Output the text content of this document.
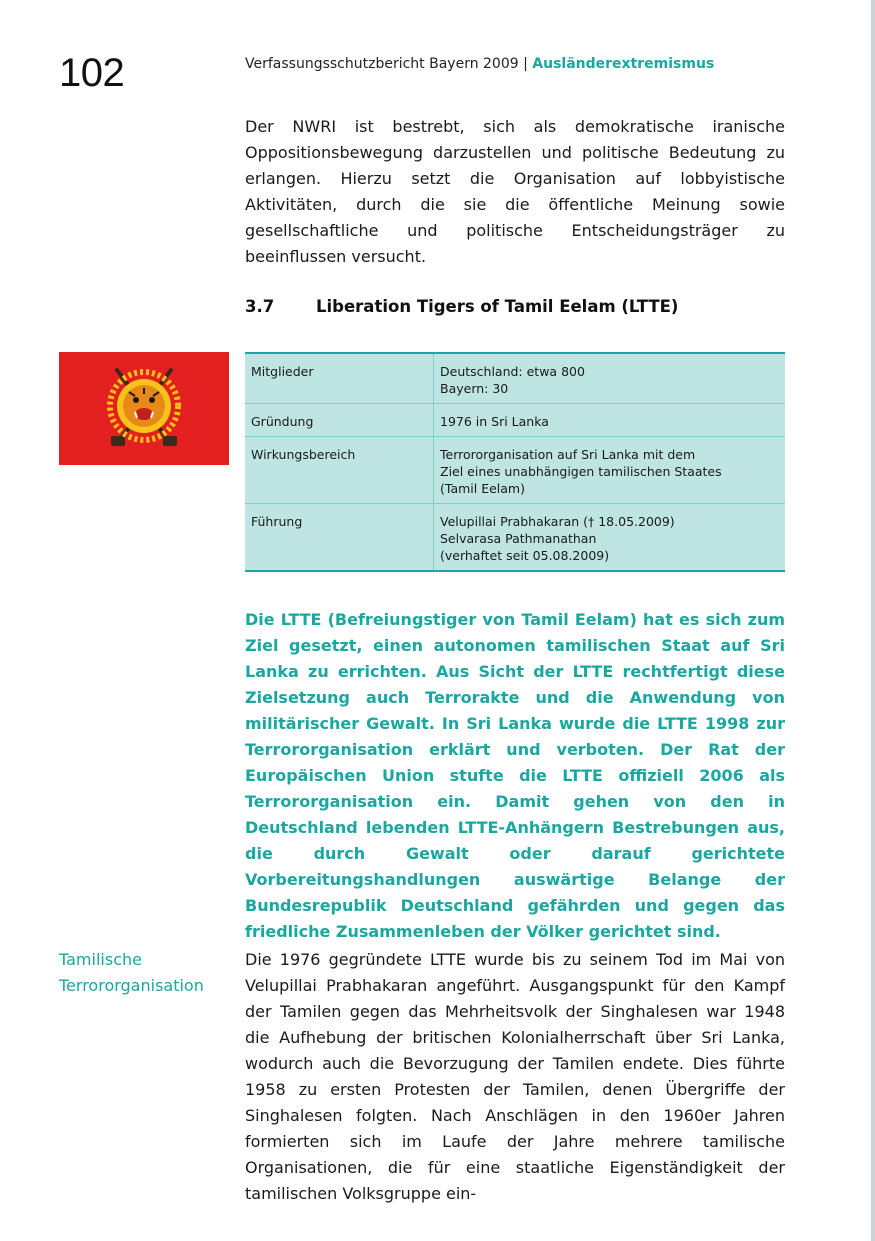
102	Verfassungsschutzbericht Bayern 2009 | Ausländerextremismus

Der NWRI ist bestrebt, sich als demokratische iranische Oppositionsbewegung darzustellen und politische Bedeutung zu erlangen. Hierzu setzt die Organisation auf lobbyistische Aktivitäten, durch die sie die öffentliche Meinung sowie gesellschaftliche und politische Entscheidungsträger zu beeinflussen versucht.

3.7	Liberation Tigers of Tamil Eelam (LTTE)
Mitglieder	Deutschland: etwa 800
Bayern: 30

Gründung	1976 in Sri Lanka

Wirkungsbereich	Terrororganisation auf Sri Lanka mit dem
Ziel eines unabhängigen tamilischen Staates
(Tamil Eelam)

Führung	Velupillai Prabhakaran († 18.05.2009)
Selvarasa Pathmanathan
(verhaftet seit 05.08.2009)

Die LTTE (Befreiungstiger von Tamil Eelam) hat es sich zum Ziel gesetzt, einen autonomen tamilischen Staat auf Sri Lanka zu errichten. Aus Sicht der LTTE rechtfertigt diese Zielsetzung auch Terrorakte und die Anwendung von militärischer Gewalt. In Sri Lanka wurde die LTTE 1998 zur Terrororganisation erklärt und verboten. Der Rat der Europäischen Union stufte die LTTE offiziell 2006 als Terrororganisation ein. Damit gehen von den in Deutschland lebenden LTTE-Anhängern Bestrebungen aus, die durch Gewalt oder darauf gerichtete Vorbereitungshandlungen auswärtige Belange der Bundesrepublik Deutschland gefährden und gegen das friedliche Zusammenleben der Völker gerichtet sind.

Tamilische
Terrororganisation

Die 1976 gegründete LTTE wurde bis zu seinem Tod im Mai von Velupillai Prabhakaran angeführt. Ausgangspunkt für den Kampf der Tamilen gegen das Mehrheitsvolk der Singhalesen war 1948 die Aufhebung der britischen Kolonialherrschaft über Sri Lanka, wodurch auch die Bevorzugung der Tamilen endete. Dies führte 1958 zu ersten Protesten der Tamilen, denen Übergriffe der Singhalesen folgten. Nach Anschlägen in den 1960er Jahren formierten sich im Laufe der Jahre mehrere tamilische Organisationen, die für eine staatliche Eigenständigkeit der tamilischen Volksgruppe ein-
